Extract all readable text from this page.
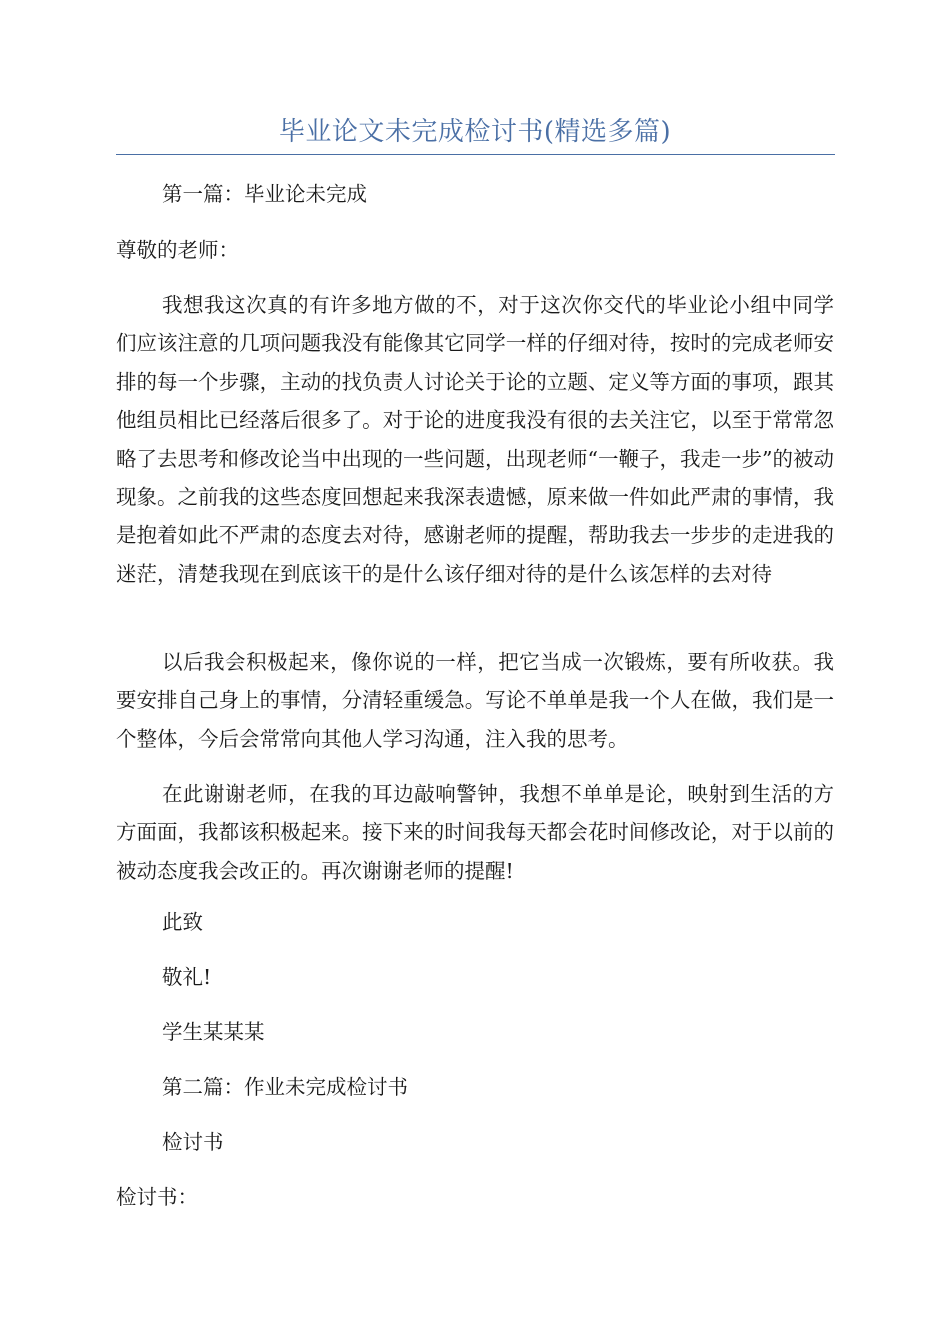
毕业论文未完成检讨书(精选多篇)

第一篇：毕业论未完成

尊敬的老师：

我想我这次真的有许多地方做的不，对于这次你交代的毕业论小组中同学们应该注意的几项问题我没有能像其它同学一样的仔细对待，按时的完成老师安排的每一个步骤，主动的找负责人讨论关于论的立题、定义等方面的事项，跟其他组员相比已经落后很多了。对于论的进度我没有很的去关注它，以至于常常忽略了去思考和修改论当中出现的一些问题，出现老师“一鞭子，我走一步”的被动现象。之前我的这些态度回想起来我深表遗憾，原来做一件如此严肃的事情，我是抱着如此不严肃的态度去对待，感谢老师的提醒，帮助我去一步步的走进我的迷茫，清楚我现在到底该干的是什么该仔细对待的是什么该怎样的去对待

以后我会积极起来，像你说的一样，把它当成一次锻炼，要有所收获。我要安排自己身上的事情，分清轻重缓急。写论不单单是我一个人在做，我们是一个整体，今后会常常向其他人学习沟通，注入我的思考。

在此谢谢老师，在我的耳边敲响警钟，我想不单单是论，映射到生活的方方面面，我都该积极起来。接下来的时间我每天都会花时间修改论，对于以前的被动态度我会改正的。再次谢谢老师的提醒!

此致

敬礼!

学生某某某

第二篇：作业未完成检讨书

检讨书

检讨书：
